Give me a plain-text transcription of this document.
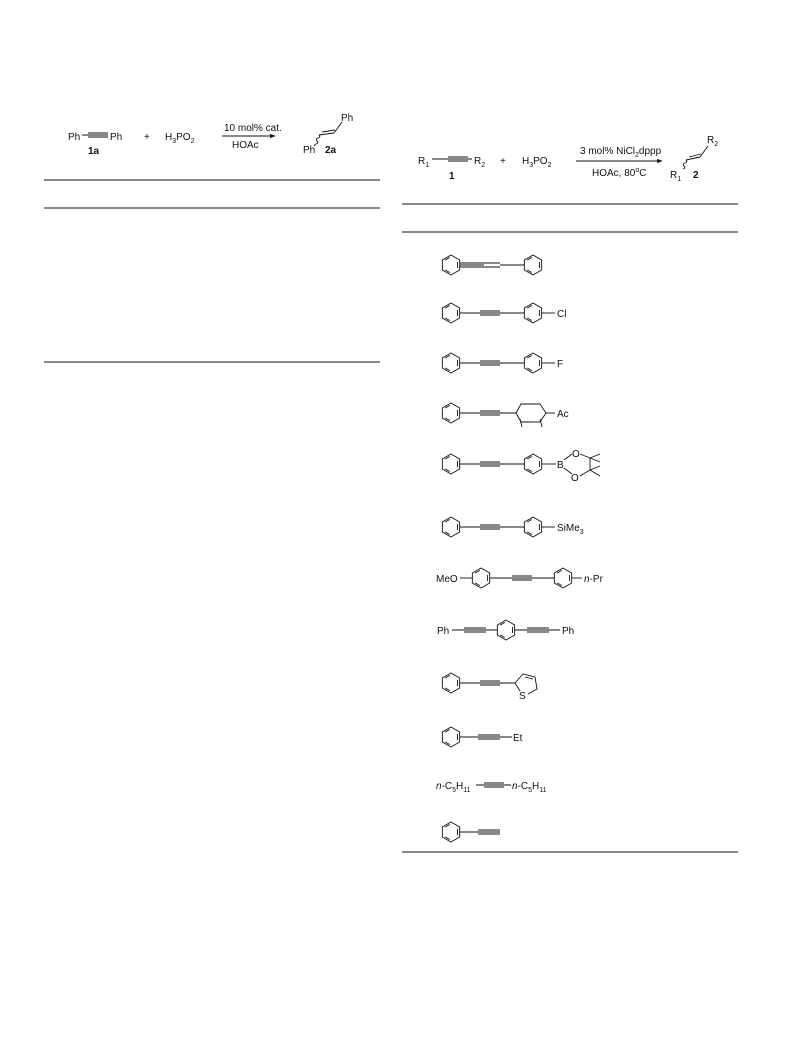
Ph	Ph
1a
+ $H_3PO_2$
10 mol% cat.
HOAc
Ph
Ph 2a
$R_1$	$R_2$
1
+ $H_3PO_2$
3 mol% NiCl$_2$dppp
HOAc, 80$^o$C
$R_2$
$R_1$ 2
Cl
F
Ac
B
O
O
SiMe$_3$
MeO	n-Pr
Ph	Ph
S
Et
$n-C_5H_{11}$	$n-C_5H_{11}$
